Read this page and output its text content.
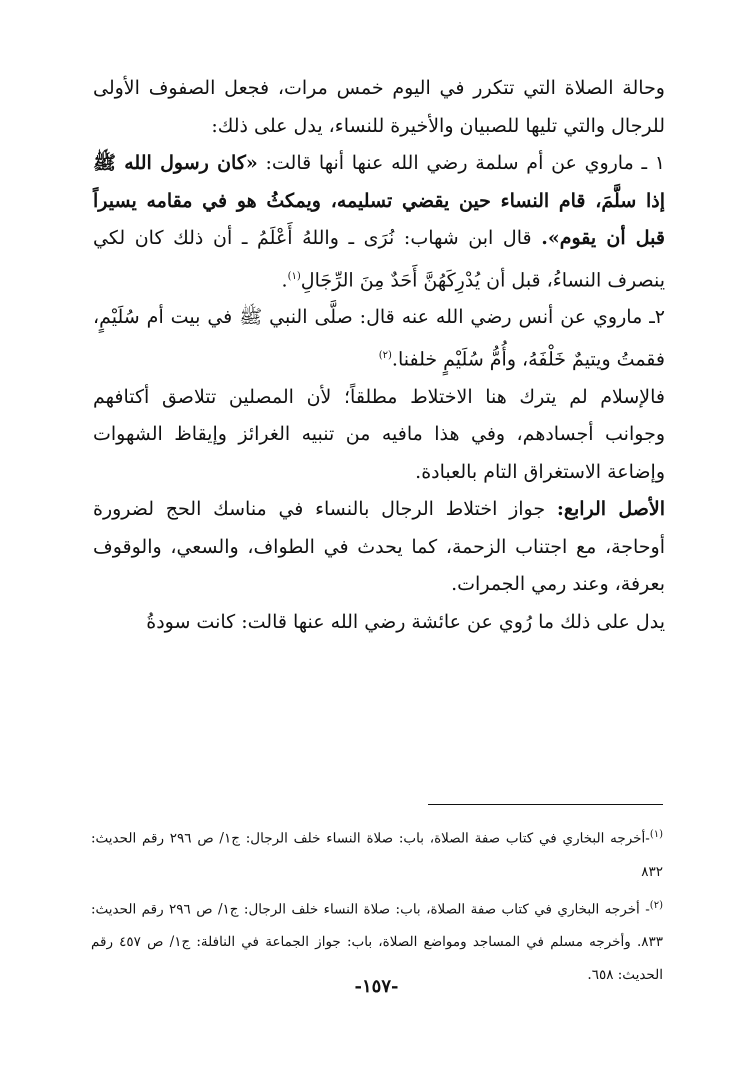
وحالة الصلاة التي تتكرر في اليوم خمس مرات، فجعل الصفوف الأولى للرجال والتي تليها للصبيان والأخيرة للنساء، يدل على ذلك:

١ ـ ماروي عن أم سلمة رضي الله عنها أنها قالت: «كان رسول الله ﷺ إذا سلَّمَ، قام النساء حين يقضي تسليمه، ويمكثُ هو في مقامه يسيراً قبل أن يقوم». قال ابن شهاب: نُرَى ـ واللهُ أَعْلَمُ ـ أن ذلك كان لكي ينصرف النساءُ، قبل أن يُدْرِكَهُنَّ أَحَدٌ مِنَ الرِّجَالِ$^{(١)}$.

٢ـ ماروي عن أنس رضي الله عنه قال: صلَّى النبي ﷺ في بيت أم سُلَيْمٍ، فقمتُ ويتيمٌ خَلْفَهُ، وأُمُّ سُلَيْمٍ خلفنا.$^{(٢)}$

فالإسلام لم يترك هنا الاختلاط مطلقاً؛ لأن المصلين تتلاصق أكتافهم وجوانب أجسادهم، وفي هذا مافيه من تنبيه الغرائز وإيقاظ الشهوات وإضاعة الاستغراق التام بالعبادة.

الأصل الرابع: جواز اختلاط الرجال بالنساء في مناسك الحج لضرورة أوحاجة، مع اجتناب الزحمة، كما يحدث في الطواف، والسعي، والوقوف بعرفة، وعند رمي الجمرات.

يدل على ذلك ما رُوي عن عائشة رضي الله عنها قالت: كانت سودةُ

$^{(١)}$-أخرجه البخاري في كتاب صفة الصلاة، باب: صلاة النساء خلف الرجال: ج١/ ص ٢٩٦ رقم الحديث: ٨٣٢

$^{(٢)}$- أخرجه البخاري في كتاب صفة الصلاة، باب: صلاة النساء خلف الرجال: ج١/ ص ٢٩٦ رقم الحديث: ٨٣٣. وأخرجه مسلم في المساجد ومواضع الصلاة، باب: جواز الجماعة في النافلة: ج١/ ص ٤٥٧ رقم الحديث: ٦٥٨.

-١٥٧-
